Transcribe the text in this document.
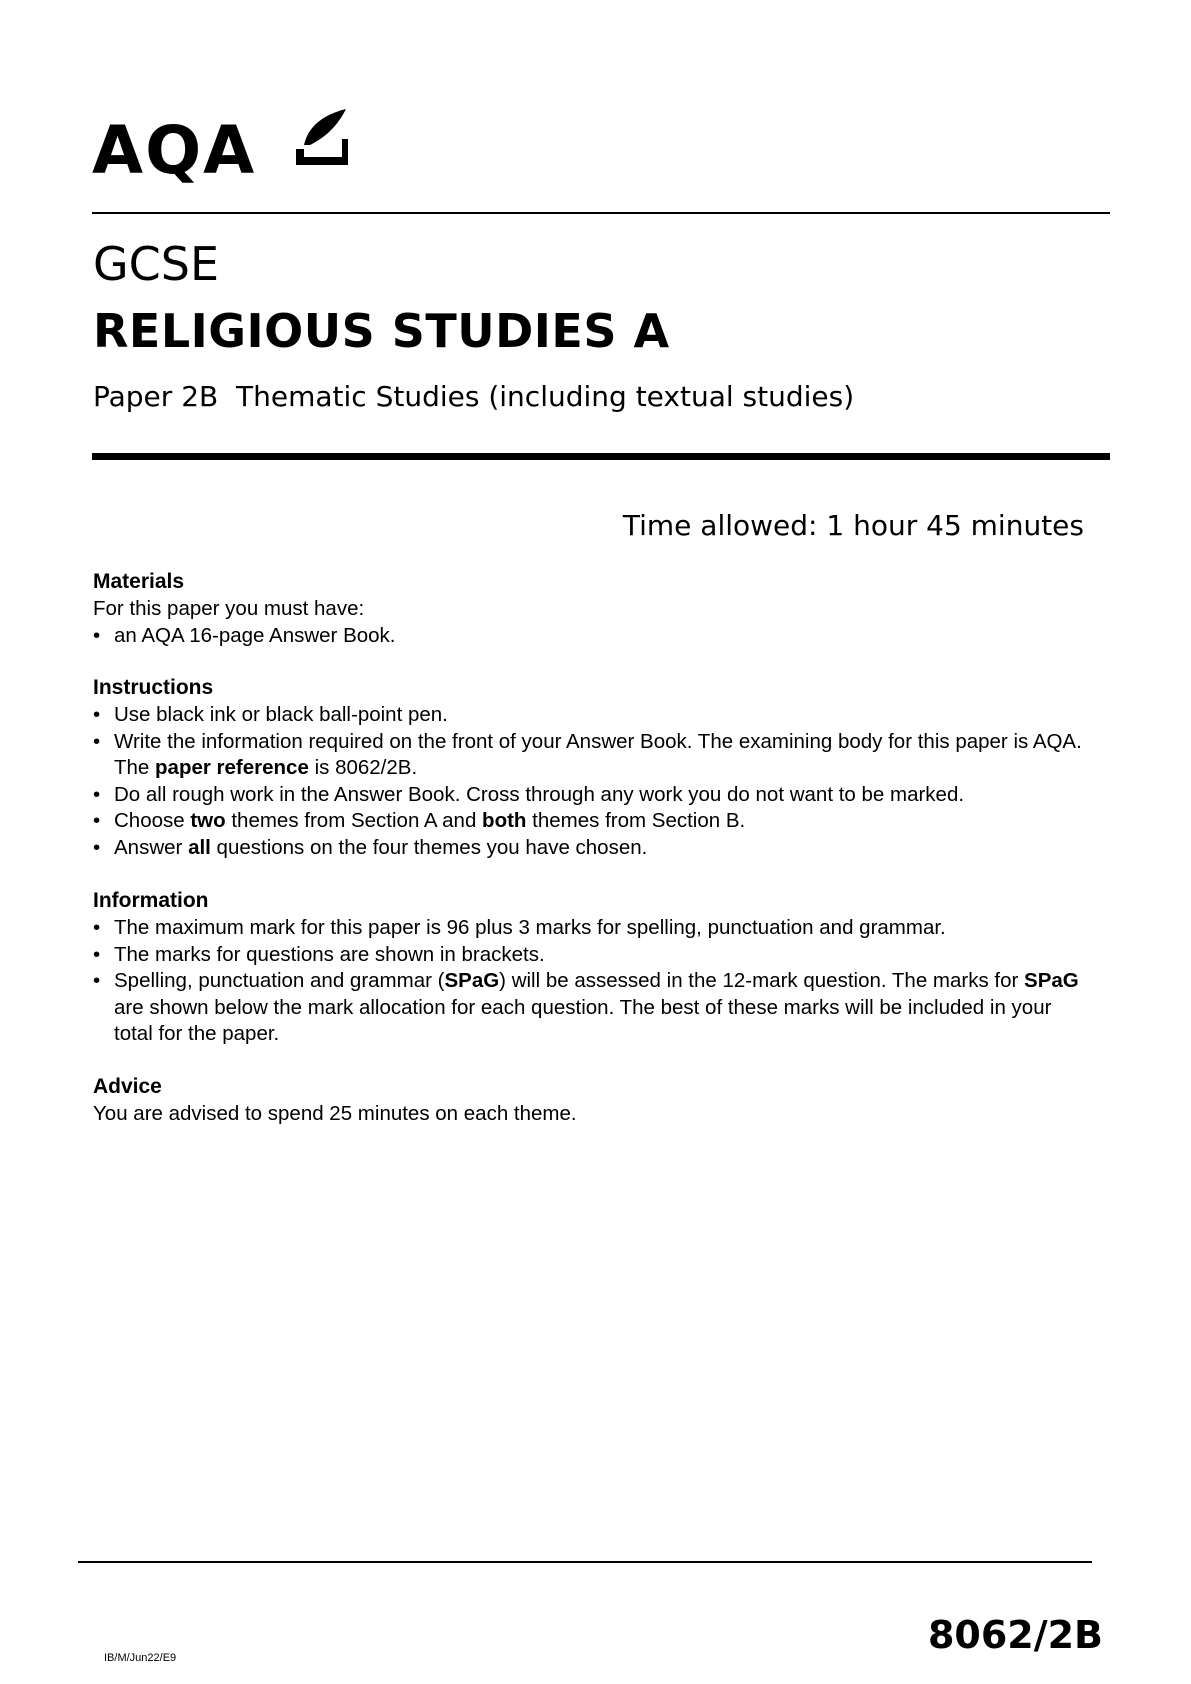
AQA
GCSE
RELIGIOUS STUDIES A
Paper 2B  Thematic Studies (including textual studies)
Time allowed: 1 hour 45 minutes
Materials

For this paper you must have:

• an AQA 16-page Answer Book.
Instructions
• Use black ink or black ball-point pen.
• Write the information required on the front of your Answer Book. The examining body for this paper is AQA. The paper reference is 8062/2B.
• Do all rough work in the Answer Book. Cross through any work you do not want to be marked.
• Choose two themes from Section A and both themes from Section B.
• Answer all questions on the four themes you have chosen.
Information
• The maximum mark for this paper is 96 plus 3 marks for spelling, punctuation and grammar.
• The marks for questions are shown in brackets.
• Spelling, punctuation and grammar (SPaG) will be assessed in the 12-mark question. The marks for SPaG are shown below the mark allocation for each question. The best of these marks will be included in your total for the paper.
Advice

You are advised to spend 25 minutes on each theme.

IB/M/Jun22/E9
8062/2B
